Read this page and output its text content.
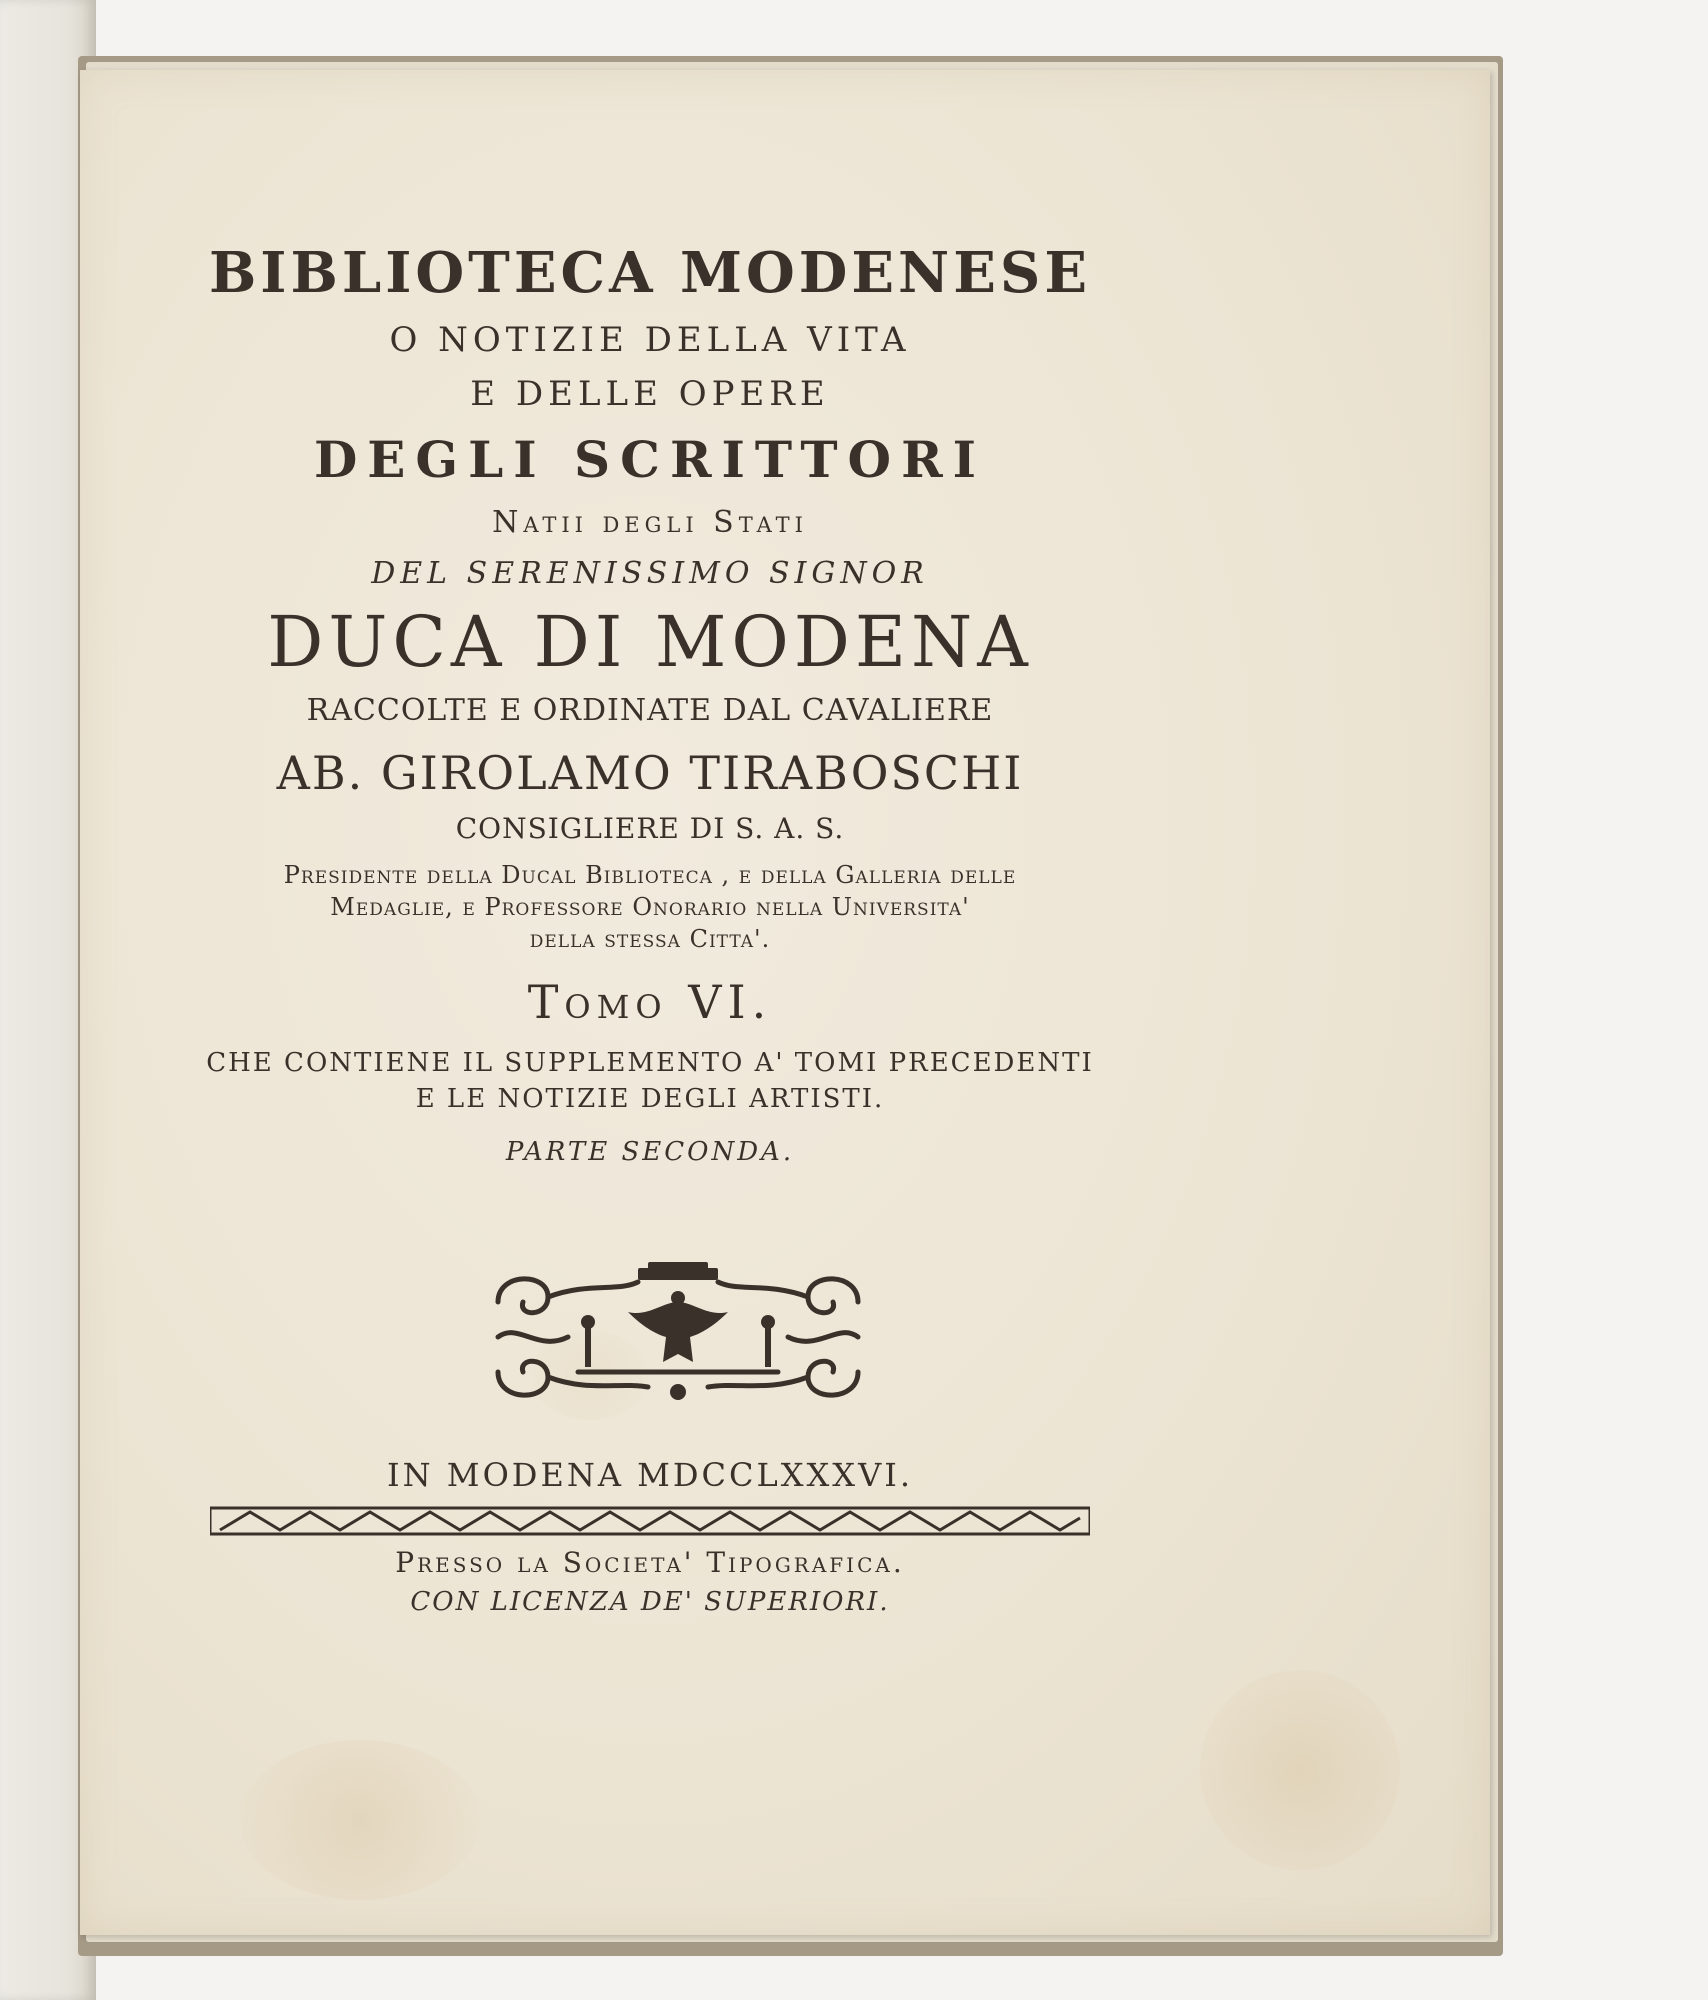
BIBLIOTECA MODENESE
O NOTIZIE DELLA VITA
E DELLE OPERE
DEGLI SCRITTORI
Natii degli Stati
DEL SERENISSIMO SIGNOR
DUCA DI MODENA
RACCOLTE E ORDINATE DAL CAVALIERE
AB. GIROLAMO TIRABOSCHI
CONSIGLIERE DI S. A. S.
Presidente della Ducal Biblioteca , e della Galleria delle
Medaglie, e Professore Onorario nella Universita'
della stessa Citta'.
Tomo VI.
CHE CONTIENE IL SUPPLEMENTO A' TOMI PRECEDENTI
E LE NOTIZIE DEGLI ARTISTI.
PARTE SECONDA.
IN MODENA MDCCLXXXVI.
Presso la Societa' Tipografica.
CON LICENZA DE' SUPERIORI.
